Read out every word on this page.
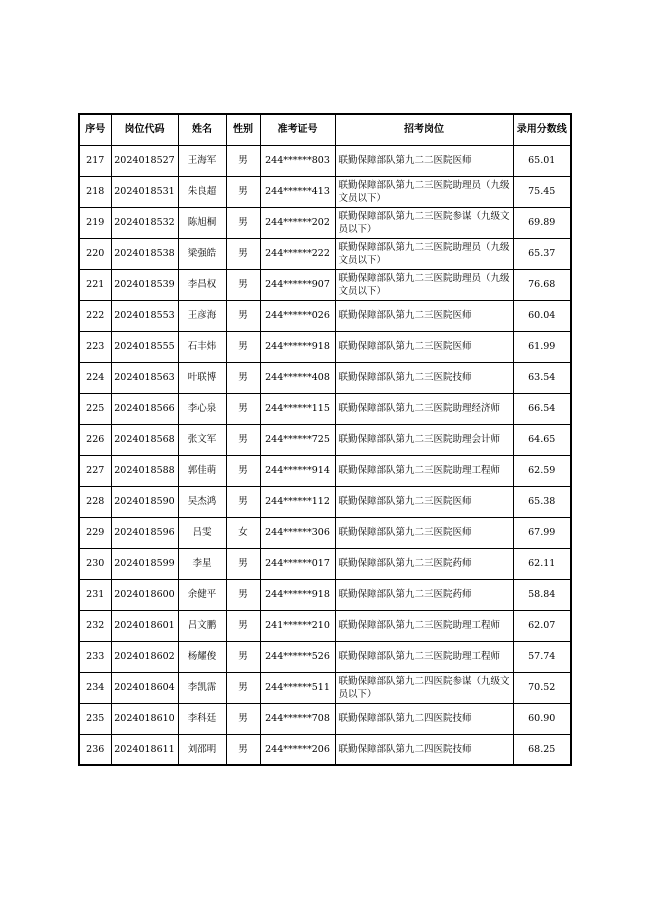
序号	岗位代码	姓名	性别	准考证号	招考岗位	录用分数线
217	2024018527	王海军	男	244******803	联勤保障部队第九二二医院医师	65.01
218	2024018531	朱良超	男	244******413	联勤保障部队第九二三医院助理员（九级文员以下）	75.45
219	2024018532	陈旭桐	男	244******202	联勤保障部队第九二三医院参谋（九级文员以下）	69.89
220	2024018538	梁强皓	男	244******222	联勤保障部队第九二三医院助理员（九级文员以下）	65.37
221	2024018539	李昌权	男	244******907	联勤保障部队第九二三医院助理员（九级文员以下）	76.68
222	2024018553	王彦海	男	244******026	联勤保障部队第九二三医院医师	60.04
223	2024018555	石丰炜	男	244******918	联勤保障部队第九二三医院医师	61.99
224	2024018563	叶联博	男	244******408	联勤保障部队第九二三医院技师	63.54
225	2024018566	李心泉	男	244******115	联勤保障部队第九二三医院助理经济师	66.54
226	2024018568	张文军	男	244******725	联勤保障部队第九二三医院助理会计师	64.65
227	2024018588	郭佳萌	男	244******914	联勤保障部队第九二三医院助理工程师	62.59
228	2024018590	吴杰鸿	男	244******112	联勤保障部队第九二三医院医师	65.38
229	2024018596	吕雯	女	244******306	联勤保障部队第九二三医院医师	67.99
230	2024018599	李星	男	244******017	联勤保障部队第九二三医院药师	62.11
231	2024018600	余健平	男	244******918	联勤保障部队第九二三医院药师	58.84
232	2024018601	吕文鹏	男	241******210	联勤保障部队第九二三医院助理工程师	62.07
233	2024018602	杨耀俊	男	244******526	联勤保障部队第九二三医院助理工程师	57.74
234	2024018604	李凯霈	男	244******511	联勤保障部队第九二四医院参谋（九级文员以下）	70.52
235	2024018610	李科廷	男	244******708	联勤保障部队第九二四医院技师	60.90
236	2024018611	刘邵明	男	244******206	联勤保障部队第九二四医院技师	68.25
